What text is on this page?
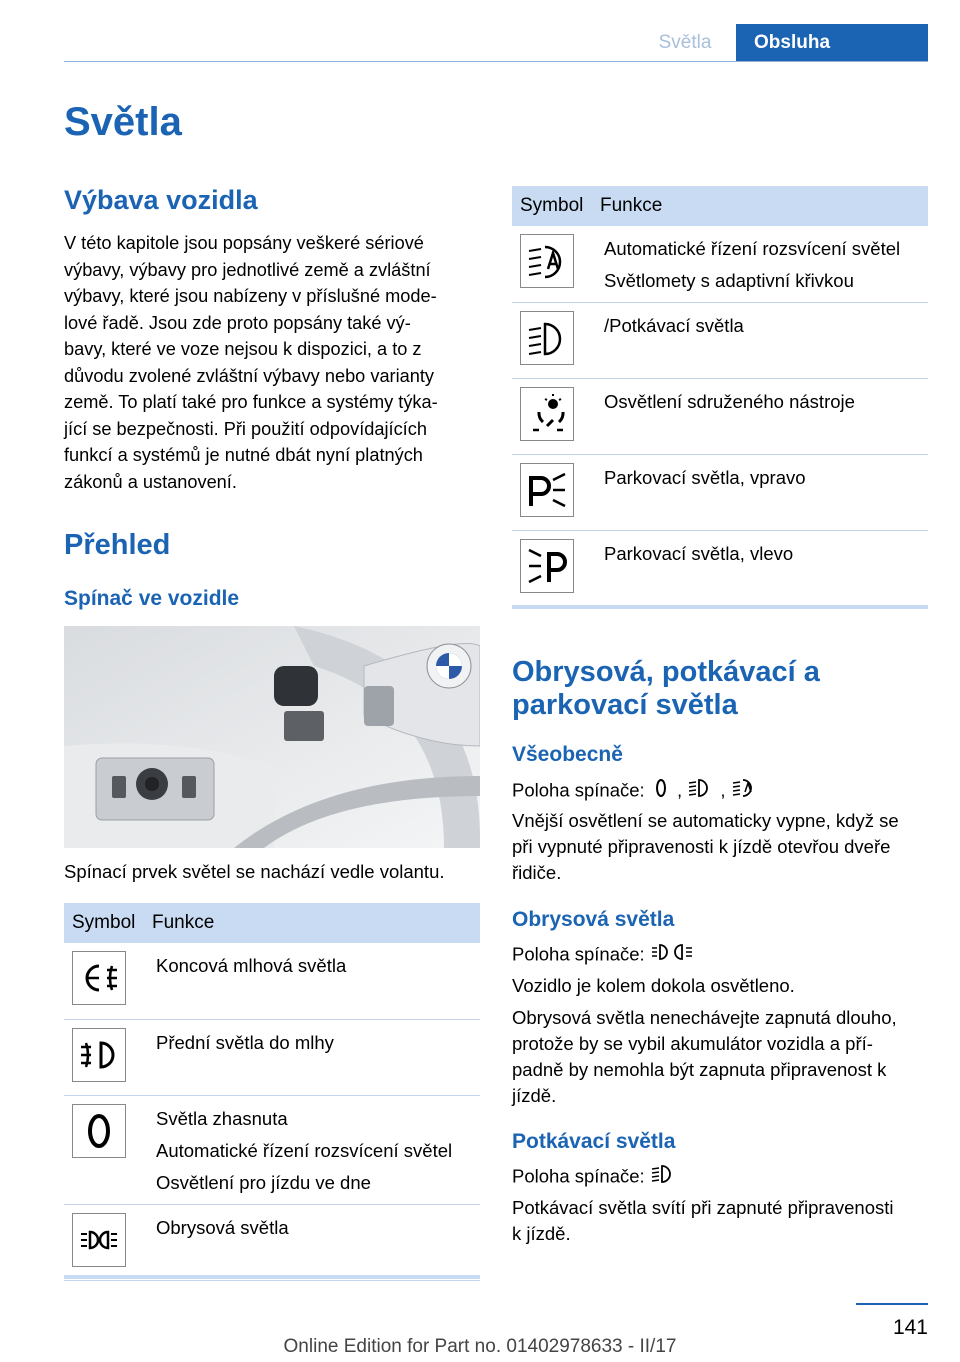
Světla	Obsluha
Světla
Výbava vozidla
V této kapitole jsou popsány veškeré sériové
výbavy, výbavy pro jednotlivé země a zvláštní
výbavy, které jsou nabízeny v příslušné mode‐
lové řadě. Jsou zde proto popsány také vý‐
bavy, které ve voze nejsou k dispozici, a to z
důvodu zvolené zvláštní výbavy nebo varianty
země. To platí také pro funkce a systémy týka‐
jící se bezpečnosti. Při použití odpovídajících
funkcí a systémů je nutné dbát nyní platných
zákonů a ustanovení.
Přehled
Spínač ve vozidle
Spínací prvek světel se nachází vedle volantu.
Symbol	Funkce

Koncová mlhová světla

Přední světla do mlhy

Světla zhasnuta
Automatické řízení rozsvícení světel
Osvětlení pro jízdu ve dne

Obrysová světla
Symbol	Funkce

Automatické řízení rozsvícení světel
Světlomety s adaptivní křivkou

/Potkávací světla

Osvětlení sdruženého nástroje

Parkovací světla, vpravo

Parkovací světla, vlevo
Obrysová, potkávací a
parkovací světla
Všeobecně
Poloha spínače: , ,
Vnější osvětlení se automaticky vypne, když se
při vypnuté připravenosti k jízdě otevřou dveře
řidiče.
Obrysová světla
Poloha spínače:
Vozidlo je kolem dokola osvětleno.
Obrysová světla nenechávejte zapnutá dlouho,
protože by se vybil akumulátor vozidla a pří‐
padně by nemohla být zapnuta připravenost k
jízdě.
Potkávací světla
Poloha spínače:
Potkávací světla svítí při zapnuté připravenosti
k jízdě.
141
Online Edition for Part no. 01402978633 - II/17
